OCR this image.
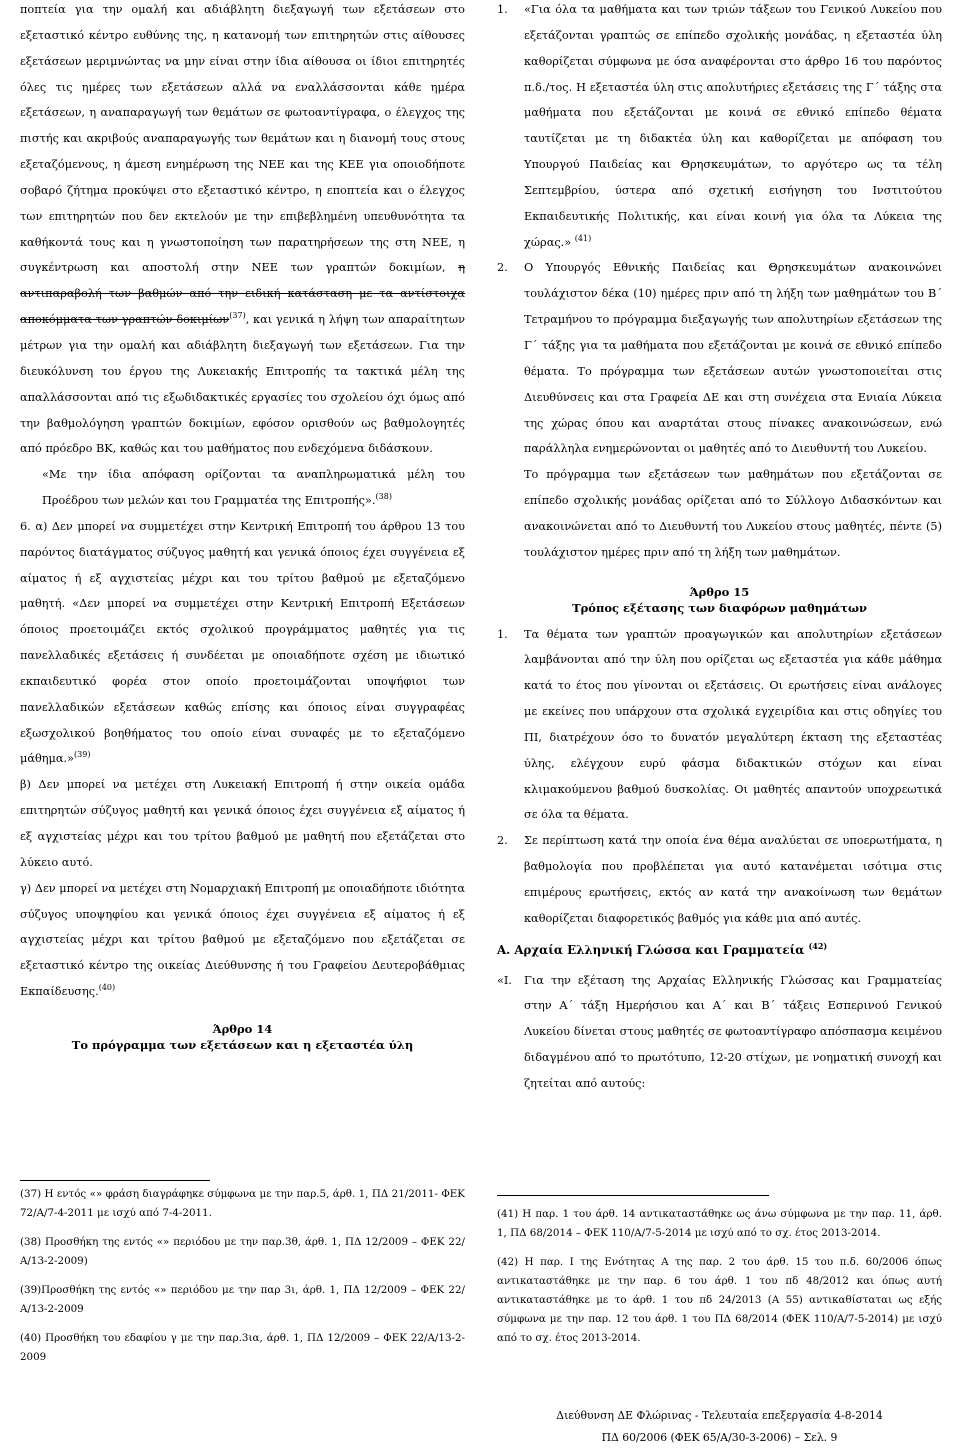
ποπτεία για την ομαλή και αδιάβλητη διεξαγωγή των εξετάσεων στο εξεταστικό κέντρο ευθύνης της, η κατανομή των επιτηρητών στις αίθουσες εξετάσεων μεριμνώντας να μην είναι στην ίδια αίθουσα οι ίδιοι επιτηρητές όλες τις ημέρες των εξετάσεων αλλά να εναλλάσσονται κάθε ημέρα εξετάσεων, η αναπαραγωγή των θεμάτων σε φωτοαντίγραφα, ο έλεγχος της πιστής και ακριβούς αναπαραγωγής των θεμάτων και η διανομή τους στους εξεταζόμενους, η άμεση ενημέρωση της ΝΕΕ και της ΚΕΕ για οποιοδήποτε σοβαρό ζήτημα προκύψει στο εξεταστικό κέντρο, η εποπτεία και ο έλεγχος των επιτηρητών που δεν εκτελούν με την επιβεβλημένη υπευθυνότητα τα καθήκοντά τους και η γνωστοποίηση των παρατηρήσεων της στη ΝΕΕ, η συγκέντρωση και αποστολή στην ΝΕΕ των γραπτών δοκιμίων, η αντιπαραβολή των βαθμών από την ειδική κατάσταση με τα αντίστοιχα αποκόμματα των γραπτών δοκιμίων$^{(37)}$, και γενικά η λήψη των απαραίτητων μέτρων για την ομαλή και αδιάβλητη διεξαγωγή των εξετάσεων. Για την διευκόλυνση του έργου της Λυκειακής Επιτροπής τα τακτικά μέλη της απαλλάσσονται από τις εξωδιδακτικές εργασίες του σχολείου όχι όμως από την βαθμολόγηση γραπτών δοκιμίων, εφόσον ορισθούν ως βαθμολογητές από πρόεδρο ΒΚ, καθώς και του μαθήματος που ενδεχόμενα διδάσκουν.

«Με την ίδια απόφαση ορίζονται τα αναπληρωματικά μέλη του Προέδρου των μελών και του Γραμματέα της Επιτροπής».$^{(38)}$

6. α) Δεν μπορεί να συμμετέχει στην Κεντρική Επιτροπή του άρθρου 13 του παρόντος διατάγματος σύζυγος μαθητή και γενικά όποιος έχει συγγένεια εξ αίματος ή εξ αγχιστείας μέχρι και του τρίτου βαθμού με εξεταζόμενο μαθητή. «Δεν μπορεί να συμμετέχει στην Κεντρική Επιτροπή Εξετάσεων όποιος προετοιμάζει εκτός σχολικού προγράμματος μαθητές για τις πανελλαδικές εξετάσεις ή συνδέεται με οποιαδήποτε σχέση με ιδιωτικό εκπαιδευτικό φορέα στον οποίο προετοιμάζονται υποψήφιοι των πανελλαδικών εξετάσεων καθώς επίσης και όποιος είναι συγγραφέας εξωσχολικού βοηθήματος του οποίο είναι συναφές με το εξεταζόμενο μάθημα.»$^{(39)}$

β) Δεν μπορεί να μετέχει στη Λυκειακή Επιτροπή ή στην οικεία ομάδα επιτηρητών σύζυγος μαθητή και γενικά όποιος έχει συγγένεια εξ αίματος ή εξ αγχιστείας μέχρι και του τρίτου βαθμού με μαθητή που εξετάζεται στο λύκειο αυτό.

γ) Δεν μπορεί να μετέχει στη Νομαρχιακή Επιτροπή με οποιαδήποτε ιδιότητα σύζυγος υποψηφίου και γενικά όποιος έχει συγγένεια εξ αίματος ή εξ αγχιστείας μέχρι και τρίτου βαθμού με εξεταζόμενο που εξετάζεται σε εξεταστικό κέντρο της οικείας Διεύθυνσης ή του Γραφείου Δευτεροβάθμιας Εκπαίδευσης.$^{(40)}$

Άρθρο 14
Το πρόγραμμα των εξετάσεων και η εξεταστέα ύλη

(37) Η εντός «» φράση διαγράφηκε σύμφωνα με την παρ.5, άρθ. 1, ΠΔ 21/2011- ΦΕΚ 72/Α/7-4-2011 με ισχύ από 7-4-2011.

(38) Προσθήκη της εντός «» περιόδου με την παρ.3θ, άρθ. 1, ΠΔ 12/2009 – ΦΕΚ 22/Α/13-2-2009)

(39)Προσθήκη της εντός «» περιόδου με την παρ 3ι, άρθ. 1, ΠΔ 12/2009 – ΦΕΚ 22/Α/13-2-2009

(40) Προσθήκη του εδαφίου γ με την παρ.3ια, άρθ. 1, ΠΔ 12/2009 – ΦΕΚ 22/Α/13-2-2009

1.	«Για όλα τα μαθήματα και των τριών τάξεων του Γενικού Λυκείου που εξετάζονται γραπτώς σε επίπεδο σχολικής μονάδας, η εξεταστέα ύλη καθορίζεται σύμφωνα με όσα αναφέρονται στο άρθρο 16 του παρόντος π.δ./τος. Η εξεταστέα ύλη στις απολυτήριες εξετάσεις της Γ΄ τάξης στα μαθήματα που εξετάζονται με κοινά σε εθνικό επίπεδο θέματα ταυτίζεται με τη διδακτέα ύλη και καθορίζεται με απόφαση του Υπουργού Παιδείας και Θρησκευμάτων, το αργότερο ως τα τέλη Σεπτεμβρίου, ύστερα από σχετική εισήγηση του Ινστιτούτου Εκπαιδευτικής Πολιτικής, και είναι κοινή για όλα τα Λύκεια της χώρας.» $^{(41)}$
2.	Ο Υπουργός Εθνικής Παιδείας και Θρησκευμάτων ανακοινώνει τουλάχιστον δέκα (10) ημέρες πριν από τη λήξη των μαθημάτων του Β΄ Τετραμήνου το πρόγραμμα διεξαγωγής των απολυτηρίων εξετάσεων της Γ΄ τάξης για τα μαθήματα που εξετάζονται με κοινά σε εθνικό επίπεδο θέματα. Το πρόγραμμα των εξετάσεων αυτών γνωστοποιείται στις Διευθύνσεις και στα Γραφεία ΔΕ και στη συνέχεια στα Ενιαία Λύκεια της χώρας όπου και αναρτάται στους πίνακες ανακοινώσεων, ενώ παράλληλα ενημερώνονται οι μαθητές από το Διευθυντή του Λυκείου.
Το πρόγραμμα των εξετάσεων των μαθημάτων που εξετάζονται σε επίπεδο σχολικής μονάδας ορίζεται από το Σύλλογο Διδασκόντων και ανακοινώνεται από το Διευθυντή του Λυκείου στους μαθητές, πέντε (5) τουλάχιστον ημέρες πριν από τη λήξη των μαθημάτων.
Άρθρο 15
Τρόπος εξέτασης των διαφόρων μαθημάτων
1.	Τα θέματα των γραπτών προαγωγικών και απολυτηρίων εξετάσεων λαμβάνονται από την ύλη που ορίζεται ως εξεταστέα για κάθε μάθημα κατά το έτος που γίνονται οι εξετάσεις. Οι ερωτήσεις είναι ανάλογες με εκείνες που υπάρχουν στα σχολικά εγχειρίδια και στις οδηγίες του ΠΙ, διατρέχουν όσο το δυνατόν μεγαλύτερη έκταση της εξεταστέας ύλης, ελέγχουν ευρύ φάσμα διδακτικών στόχων και είναι κλιμακούμενου βαθμού δυσκολίας. Οι μαθητές απαντούν υποχρεωτικά σε όλα τα θέματα.
2.	Σε περίπτωση κατά την οποία ένα θέμα αναλύεται σε υποερωτήματα, η βαθμολογία που προβλέπεται για αυτό κατανέμεται ισότιμα στις επιμέρους ερωτήσεις, εκτός αν κατά την ανακοίνωση των θεμάτων καθορίζεται διαφορετικός βαθμός για κάθε μια από αυτές.
Α. Αρχαία Ελληνική Γλώσσα και Γραμματεία $^{(42)}$
«Ι.	Για την εξέταση της Αρχαίας Ελληνικής Γλώσσας και Γραμματείας στην Α΄ τάξη Ημερήσιου και Α΄ και Β΄ τάξεις Εσπερινού Γενικού Λυκείου δίνεται στους μαθητές σε φωτοαντίγραφο απόσπασμα κειμένου διδαγμένου από το πρωτότυπο, 12-20 στίχων, με νοηματική συνοχή και ζητείται από αυτούς:

(41) Η παρ. 1 του άρθ. 14 αντικαταστάθηκε ως άνω σύμφωνα με την παρ. 11, άρθ. 1, ΠΔ 68/2014 – ΦΕΚ 110/Α/7-5-2014 με ισχύ από το σχ. έτος 2013-2014.

(42) Η παρ. Ι της Ενότητας Α της παρ. 2 του άρθ. 15 του π.δ. 60/2006 όπως αντικαταστάθηκε με την παρ. 6 του άρθ. 1 του πδ 48/2012 και όπως αυτή αντικαταστάθηκε με το άρθ. 1 του πδ 24/2013 (Α 55) αντικαθίσταται ως εξής σύμφωνα με την παρ. 12 του άρθ. 1 του ΠΔ 68/2014 (ΦΕΚ 110/Α/7-5-2014) με ισχύ από το σχ. έτος 2013-2014.

Διεύθυνση ΔΕ Φλώρινας - Τελευταία επεξεργασία 4-8-2014
ΠΔ 60/2006 (ΦΕΚ 65/Α/30-3-2006) – Σελ. 9
